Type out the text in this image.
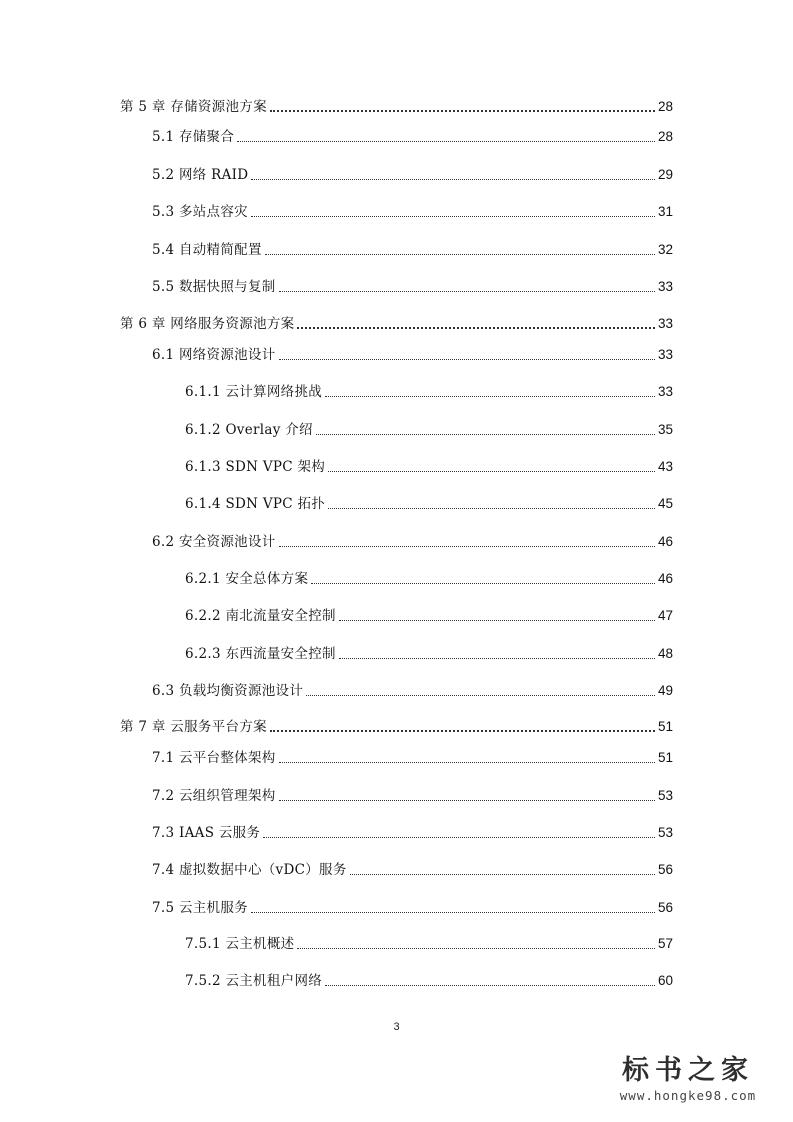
第 5 章 存储资源池方案	28
5.1 存储聚合	28
5.2 网络 RAID	29
5.3 多站点容灾	31
5.4 自动精简配置	32
5.5 数据快照与复制	33
第 6 章 网络服务资源池方案	33
6.1 网络资源池设计	33
6.1.1 云计算网络挑战	33
6.1.2 Overlay 介绍	35
6.1.3 SDN VPC 架构	43
6.1.4 SDN VPC 拓扑	45
6.2 安全资源池设计	46
6.2.1 安全总体方案	46
6.2.2 南北流量安全控制	47
6.2.3 东西流量安全控制	48
6.3 负载均衡资源池设计	49
第 7 章 云服务平台方案	51
7.1 云平台整体架构	51
7.2 云组织管理架构	53
7.3 IAAS 云服务	53
7.4 虚拟数据中心（vDC）服务	56
7.5 云主机服务	56
7.5.1 云主机概述	57
7.5.2 云主机租户网络	60
3
标书之家
www.hongke98.com
